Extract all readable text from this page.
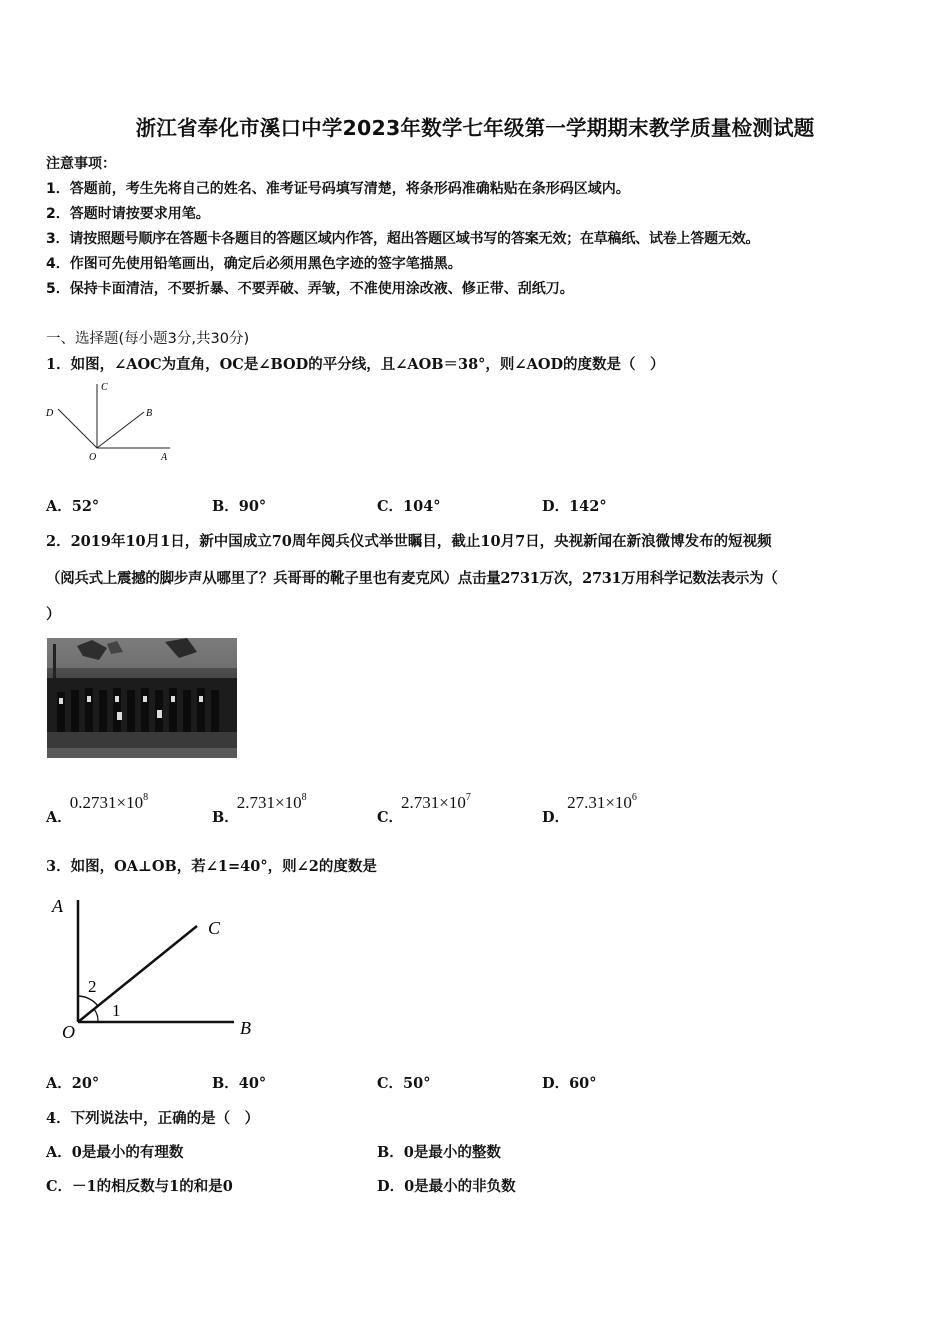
浙江省奉化市溪口中学2023年数学七年级第一学期期末教学质量检测试题
注意事项：
1．答题前，考生先将自己的姓名、准考证号码填写清楚，将条形码准确粘贴在条形码区域内。
2．答题时请按要求用笔。
3．请按照题号顺序在答题卡各题目的答题区域内作答，超出答题区域书写的答案无效；在草稿纸、试卷上答题无效。
4．作图可先使用铅笔画出，确定后必须用黑色字迹的签字笔描黑。
5．保持卡面清洁，不要折暴、不要弄破、弄皱，不准使用涂改液、修正带、刮纸刀。
一、选择题(每小题3分,共30分)
1．如图，∠AOC为直角，OC是∠BOD的平分线，且∠AOB＝38°，则∠AOD的度数是（　）
C
D	B
O	A
A．52°	B．90°	C．104°	D．142°
2．2019年10月1日，新中国成立70周年阅兵仪式举世瞩目，截止10月7日，央视新闻在新浪微博发布的短视频
（阅兵式上震撼的脚步声从哪里了？兵哥哥的靴子里也有麦克风）点击量2731万次，2731万用科学记数法表示为（
）
A．$0.2731\times 10^8$
B．$2.731\times 10^8$
C．$2.731\times 10^7$
D．$27.31\times 10^6$
3．如图，OA⊥OB，若∠1=40°，则∠2的度数是
A
C
O	B
2
1
A．20°	B．40°	C．50°	D．60°
4．下列说法中，正确的是（　）
A．0是最小的有理数	B．0是最小的整数
C．－1的相反数与1的和是0	D．0是最小的非负数
